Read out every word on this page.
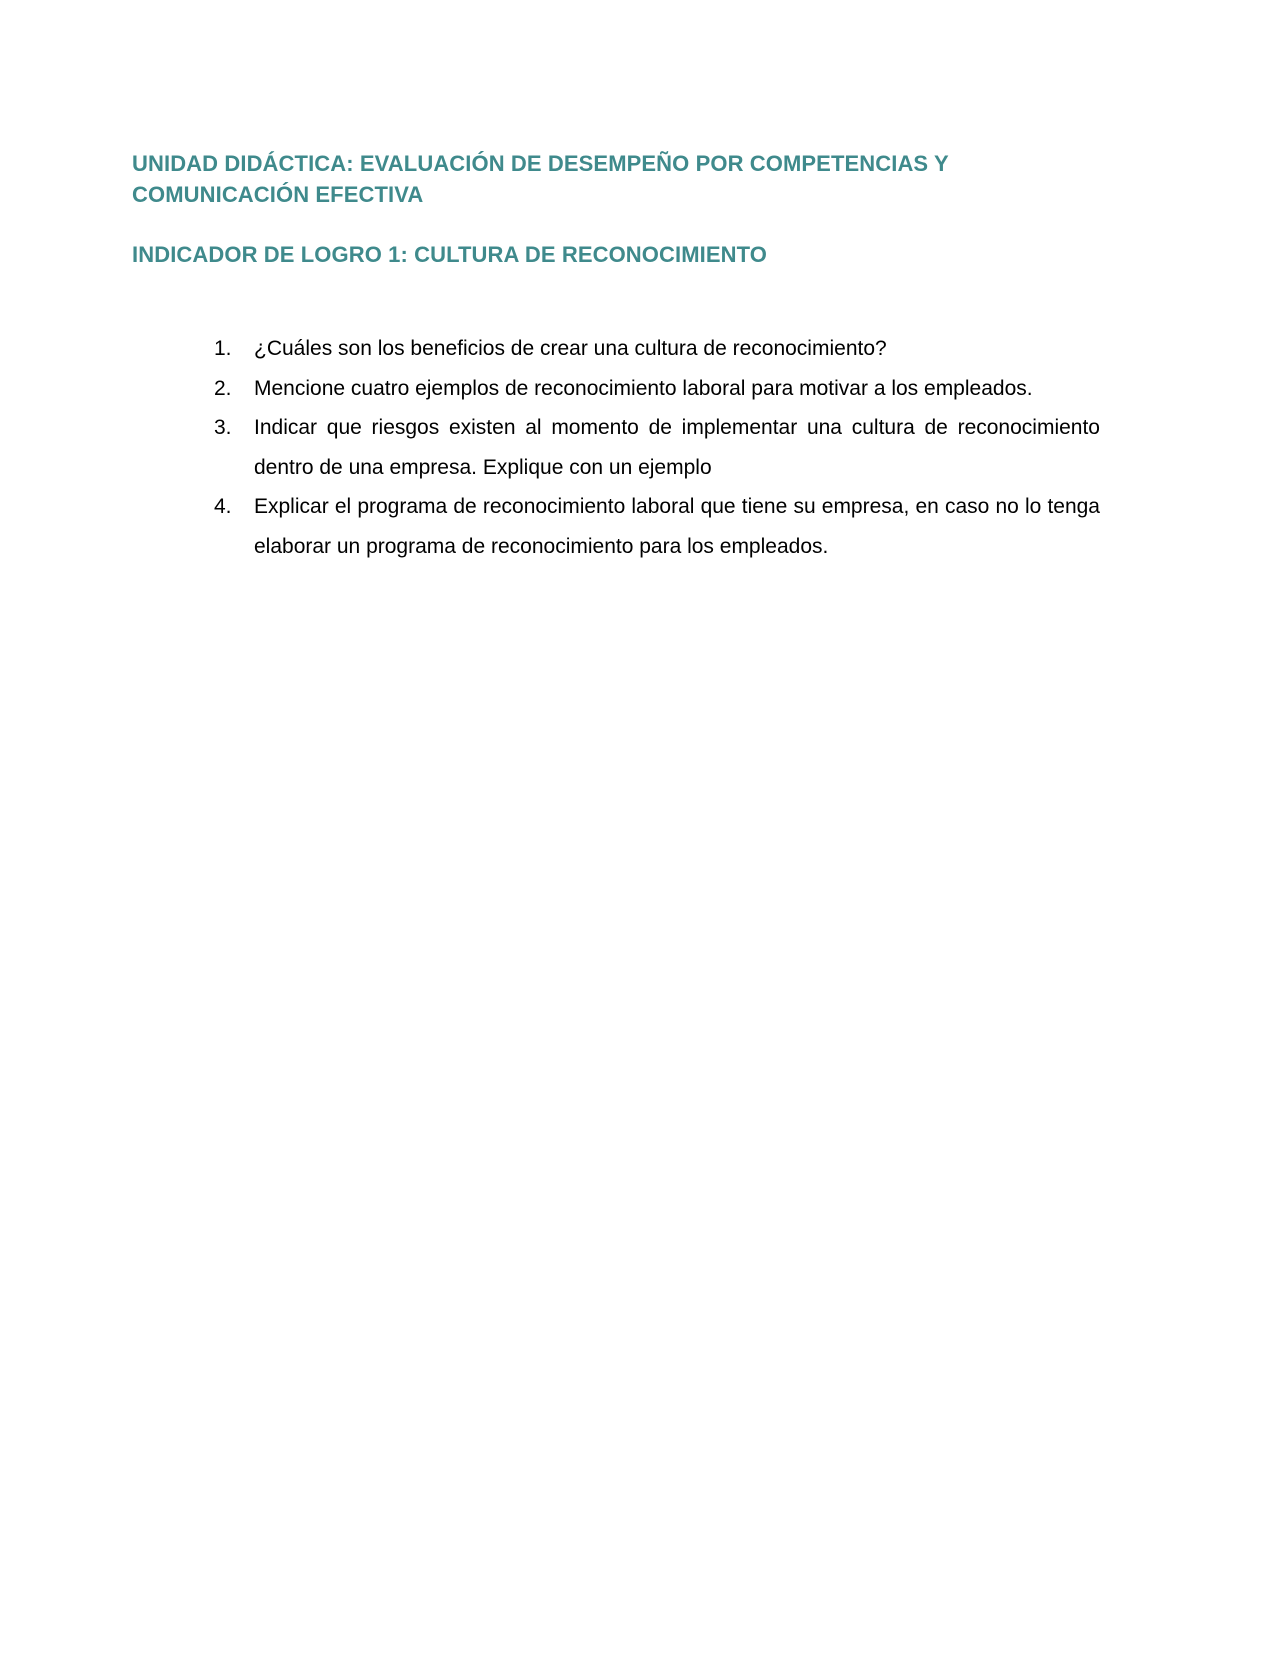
UNIDAD DIDÁCTICA: EVALUACIÓN DE DESEMPEÑO POR COMPETENCIAS Y COMUNICACIÓN EFECTIVA
INDICADOR DE LOGRO 1: CULTURA DE RECONOCIMIENTO
1.	¿Cuáles son los beneficios de crear una cultura de reconocimiento?
2.	Mencione cuatro ejemplos de reconocimiento laboral para motivar a los empleados.
3.	Indicar que riesgos existen al momento de implementar una cultura de reconocimiento dentro de una empresa. Explique con un ejemplo
4.	Explicar el programa de reconocimiento laboral que tiene su empresa, en caso no lo tenga elaborar un programa de reconocimiento para los empleados.
